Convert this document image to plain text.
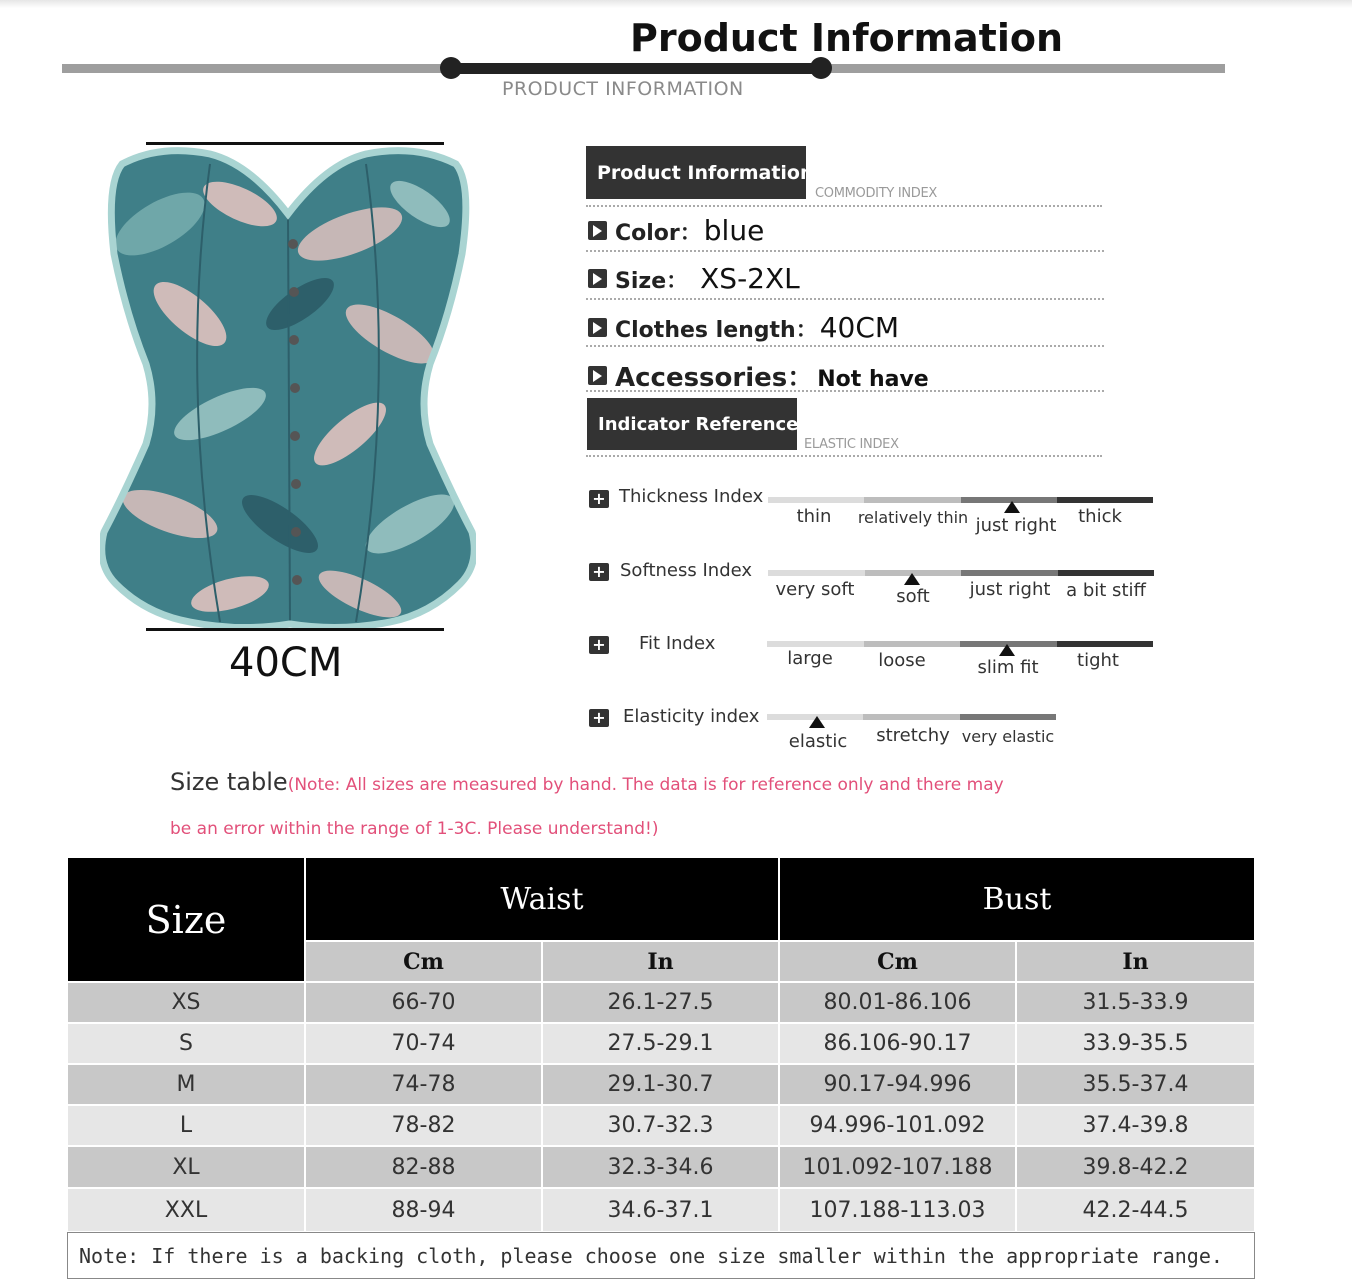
Product Information
PRODUCT INFORMATION
40CM
Product Information
COMMODITY INDEX
Color： blue
Size： XS-2XL
Clothes length： 40CM
Accessories： Not have
Indicator Reference
ELASTIC INDEX
+ Thickness Index
thin relatively thin just right thick
+ Softness Index
very soft soft just right a bit stiff
+ Fit Index
large	loose	slim fit tight
+ Elasticity index
elastic stretchy very elastic
Size table(Note: All sizes are measured by hand. The data is for reference only and there may
be an error within the range of 1-3C. Please understand!)
Size	Waist	Bust
Cm	In	Cm	In
XS	66-70	26.1-27.5	80.01-86.106	31.5-33.9
S	70-74	27.5-29.1	86.106-90.17	33.9-35.5
M	74-78	29.1-30.7	90.17-94.996	35.5-37.4
L	78-82	30.7-32.3	94.996-101.092	37.4-39.8
XL	82-88	32.3-34.6	101.092-107.188	39.8-42.2
XXL	88-94	34.6-37.1	107.188-113.03	42.2-44.5
Note: If there is a backing cloth, please choose one size smaller within the appropriate range.
